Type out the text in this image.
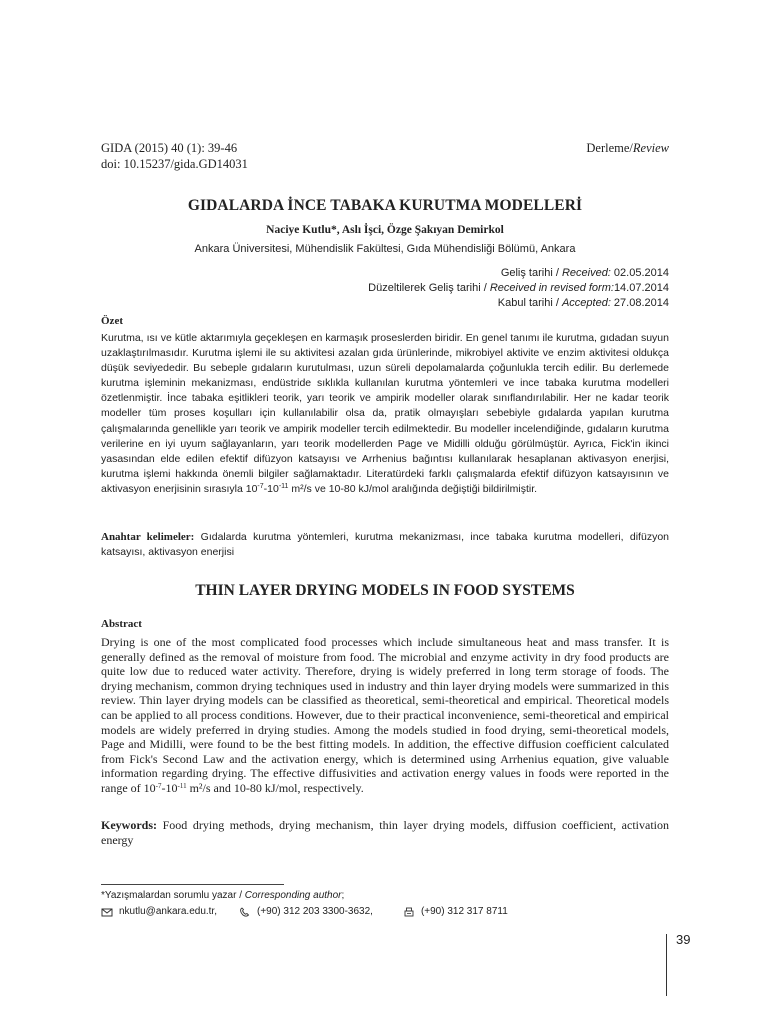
GIDA (2015) 40 (1): 39-46	Derleme/Review
doi: 10.15237/gida.GD14031
GIDALARDA İNCE TABAKA KURUTMA MODELLERİ
Naciye Kutlu*, Aslı İşci, Özge Şakıyan Demirkol
Ankara Üniversitesi, Mühendislik Fakültesi, Gıda Mühendisliği Bölümü, Ankara
Geliş tarihi / Received: 02.05.2014
Düzeltilerek Geliş tarihi / Received in revised form:14.07.2014
Kabul tarihi / Accepted: 27.08.2014
Özet
Kurutma, ısı ve kütle aktarımıyla geçekleşen en karmaşık proseslerden biridir. En genel tanımı ile kurutma, gıdadan suyun uzaklaştırılmasıdır. Kurutma işlemi ile su aktivitesi azalan gıda ürünlerinde, mikrobiyel aktivite ve enzim aktivitesi oldukça düşük seviyededir. Bu sebeple gıdaların kurutulması, uzun süreli depolamalarda çoğunlukla tercih edilir. Bu derlemede kurutma işleminin mekanizması, endüstride sıklıkla kullanılan kurutma yöntemleri ve ince tabaka kurutma modelleri özetlenmiştir. İnce tabaka eşitlikleri teorik, yarı teorik ve ampirik modeller olarak sınıflandırılabilir. Her ne kadar teorik modeller tüm proses koşulları için kullanılabilir olsa da, pratik olmayışları sebebiyle gıdalarda yapılan kurutma çalışmalarında genellikle yarı teorik ve ampirik modeller tercih edilmektedir. Bu modeller incelendiğinde, gıdaların kurutma verilerine en iyi uyum sağlayanların, yarı teorik modellerden Page ve Midilli olduğu görülmüştür. Ayrıca, Fick'in ikinci yasasından elde edilen efektif difüzyon katsayısı ve Arrhenius bağıntısı kullanılarak hesaplanan aktivasyon enerjisi, kurutma işlemi hakkında önemli bilgiler sağlamaktadır. Literatürdeki farklı çalışmalarda efektif difüzyon katsayısının ve aktivasyon enerjisinin sırasıyla $10^{-7}-10^{-11}$ m²/s ve 10-80 kJ/mol aralığında değiştiği bildirilmiştir.
Anahtar kelimeler: Gıdalarda kurutma yöntemleri, kurutma mekanizması, ince tabaka kurutma modelleri, difüzyon katsayısı, aktivasyon enerjisi
THIN LAYER DRYING MODELS IN FOOD SYSTEMS
Abstract
Drying is one of the most complicated food processes which include simultaneous heat and mass transfer. It is generally defined as the removal of moisture from food. The microbial and enzyme activity in dry food products are quite low due to reduced water activity. Therefore, drying is widely preferred in long term storage of foods. The drying mechanism, common drying techniques used in industry and thin layer drying models were summarized in this review. Thin layer drying models can be classified as theoretical, semi-theoretical and empirical. Theoretical models can be applied to all process conditions. However, due to their practical inconvenience, semi-theoretical and empirical models are widely preferred in drying studies. Among the models studied in food drying, semi-theoretical models, Page and Midilli, were found to be the best fitting models. In addition, the effective diffusion coefficient calculated from Fick's Second Law and the activation energy, which is determined using Arrhenius equation, give valuable information regarding drying. The effective diffusivities and activation energy values in foods were reported in the range of $10^{-7}-10^{-11}$ m²/s and 10-80 kJ/mol, respectively.
Keywords: Food drying methods, drying mechanism, thin layer drying models, diffusion coefficient, activation energy
*Yazışmalardan sorumlu yazar / Corresponding author;
nkutlu@ankara.edu.tr,	(+90) 312 203 3300-3632,	(+90) 312 317 8711
39
